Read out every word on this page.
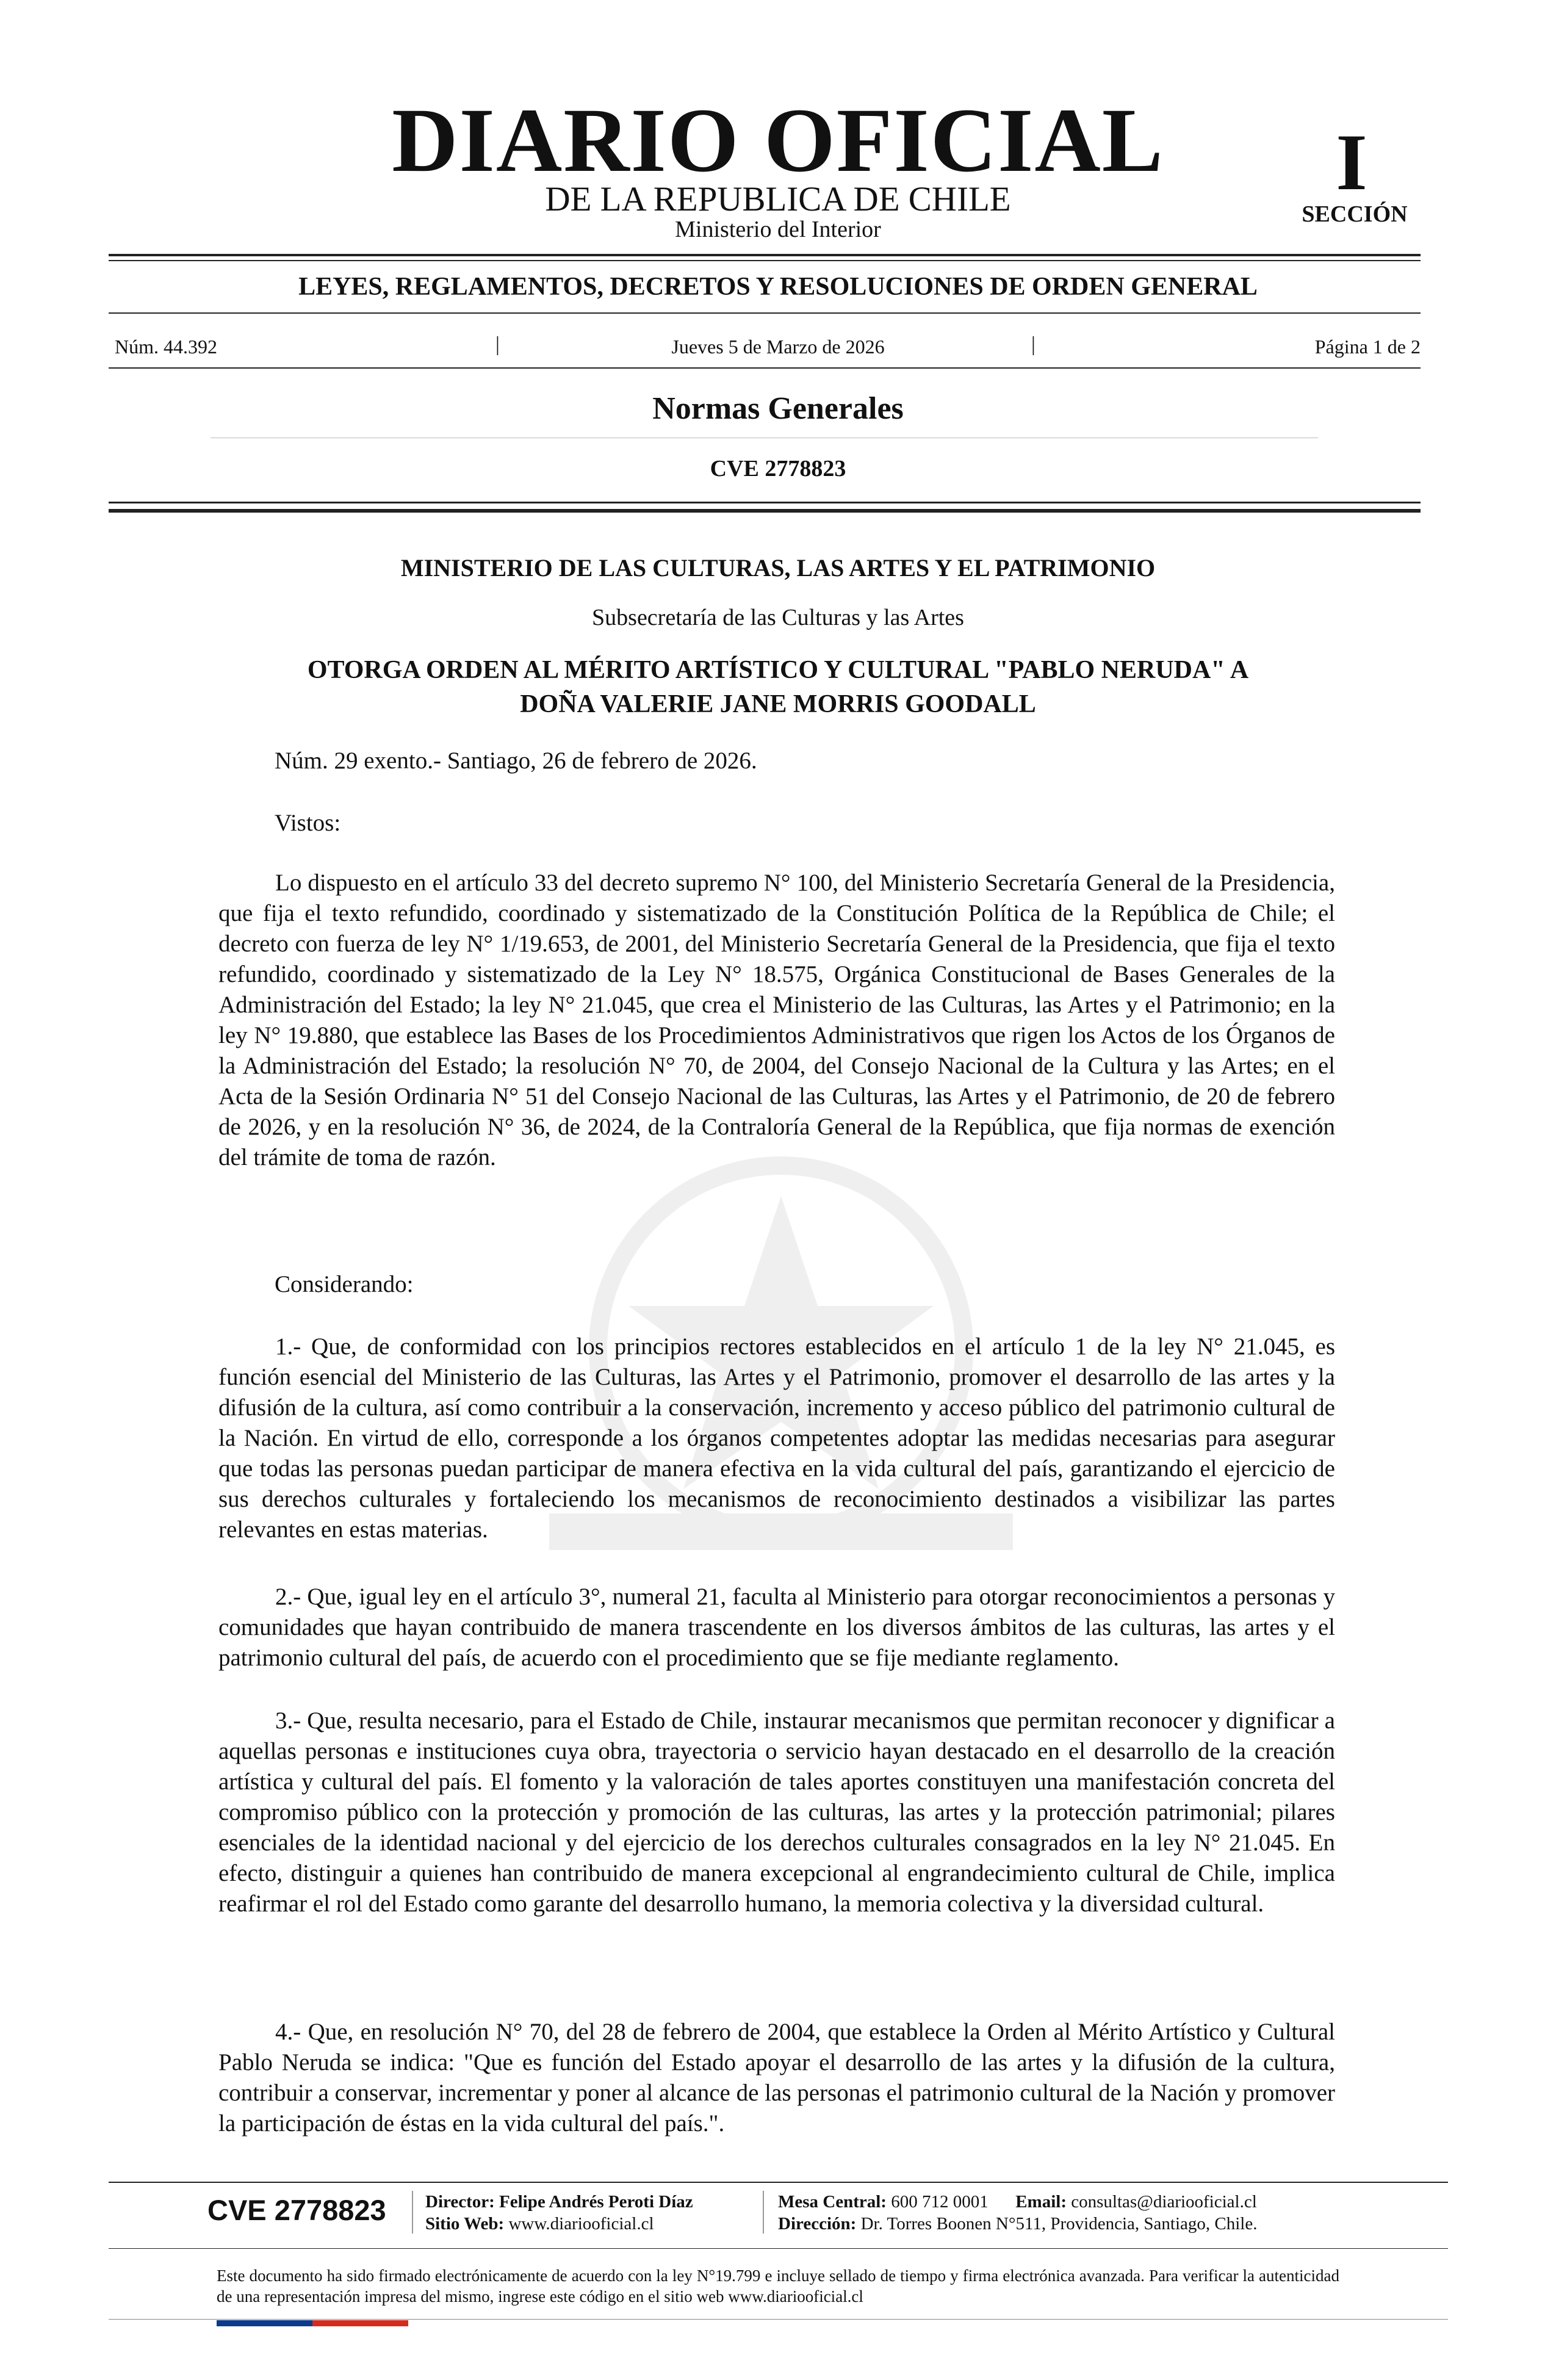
DIARIO OFICIAL
DE LA REPUBLICA DE CHILE
Ministerio del Interior
I
SECCIÓN
LEYES, REGLAMENTOS, DECRETOS Y RESOLUCIONES DE ORDEN GENERAL
Núm. 44.392	|	Jueves 5 de Marzo de 2026	|	Página 1 de 2
Normas Generales
CVE 2778823
MINISTERIO DE LAS CULTURAS, LAS ARTES Y EL PATRIMONIO
Subsecretaría de las Culturas y las Artes
OTORGA ORDEN AL MÉRITO ARTÍSTICO Y CULTURAL "PABLO NERUDA" A
DOÑA VALERIE JANE MORRIS GOODALL
Núm. 29 exento.- Santiago, 26 de febrero de 2026.
Vistos:
Lo dispuesto en el artículo 33 del decreto supremo N° 100, del Ministerio Secretaría General de la Presidencia, que fija el texto refundido, coordinado y sistematizado de la Constitución Política de la República de Chile; el decreto con fuerza de ley N° 1/19.653, de 2001, del Ministerio Secretaría General de la Presidencia, que fija el texto refundido, coordinado y sistematizado de la Ley N° 18.575, Orgánica Constitucional de Bases Generales de la Administración del Estado; la ley N° 21.045, que crea el Ministerio de las Culturas, las Artes y el Patrimonio; en la ley N° 19.880, que establece las Bases de los Procedimientos Administrativos que rigen los Actos de los Órganos de la Administración del Estado; la resolución N° 70, de 2004, del Consejo Nacional de la Cultura y las Artes; en el Acta de la Sesión Ordinaria N° 51 del Consejo Nacional de las Culturas, las Artes y el Patrimonio, de 20 de febrero de 2026, y en la resolución N° 36, de 2024, de la Contraloría General de la República, que fija normas de exención del trámite de toma de razón.
Considerando:
1.- Que, de conformidad con los principios rectores establecidos en el artículo 1 de la ley N° 21.045, es función esencial del Ministerio de las Culturas, las Artes y el Patrimonio, promover el desarrollo de las artes y la difusión de la cultura, así como contribuir a la conservación, incremento y acceso público del patrimonio cultural de la Nación. En virtud de ello, corresponde a los órganos competentes adoptar las medidas necesarias para asegurar que todas las personas puedan participar de manera efectiva en la vida cultural del país, garantizando el ejercicio de sus derechos culturales y fortaleciendo los mecanismos de reconocimiento destinados a visibilizar las partes relevantes en estas materias.
2.- Que, igual ley en el artículo 3°, numeral 21, faculta al Ministerio para otorgar reconocimientos a personas y comunidades que hayan contribuido de manera trascendente en los diversos ámbitos de las culturas, las artes y el patrimonio cultural del país, de acuerdo con el procedimiento que se fije mediante reglamento.
3.- Que, resulta necesario, para el Estado de Chile, instaurar mecanismos que permitan reconocer y dignificar a aquellas personas e instituciones cuya obra, trayectoria o servicio hayan destacado en el desarrollo de la creación artística y cultural del país. El fomento y la valoración de tales aportes constituyen una manifestación concreta del compromiso público con la protección y promoción de las culturas, las artes y la protección patrimonial; pilares esenciales de la identidad nacional y del ejercicio de los derechos culturales consagrados en la ley N° 21.045. En efecto, distinguir a quienes han contribuido de manera excepcional al engrandecimiento cultural de Chile, implica reafirmar el rol del Estado como garante del desarrollo humano, la memoria colectiva y la diversidad cultural.
4.- Que, en resolución N° 70, del 28 de febrero de 2004, que establece la Orden al Mérito Artístico y Cultural Pablo Neruda se indica: "Que es función del Estado apoyar el desarrollo de las artes y la difusión de la cultura, contribuir a conservar, incrementar y poner al alcance de las personas el patrimonio cultural de la Nación y promover la participación de éstas en la vida cultural del país.".
CVE 2778823 Director: Felipe Andrés Peroti Díaz
Sitio Web: www.diariooficial.cl
Mesa Central: 600 712 0001 Email: consultas@diariooficial.cl
Dirección: Dr. Torres Boonen N°511, Providencia, Santiago, Chile.
Este documento ha sido firmado electrónicamente de acuerdo con la ley N°19.799 e incluye sellado de tiempo y firma electrónica avanzada. Para verificar la autenticidad de una representación impresa del mismo, ingrese este código en el sitio web www.diariooficial.cl
